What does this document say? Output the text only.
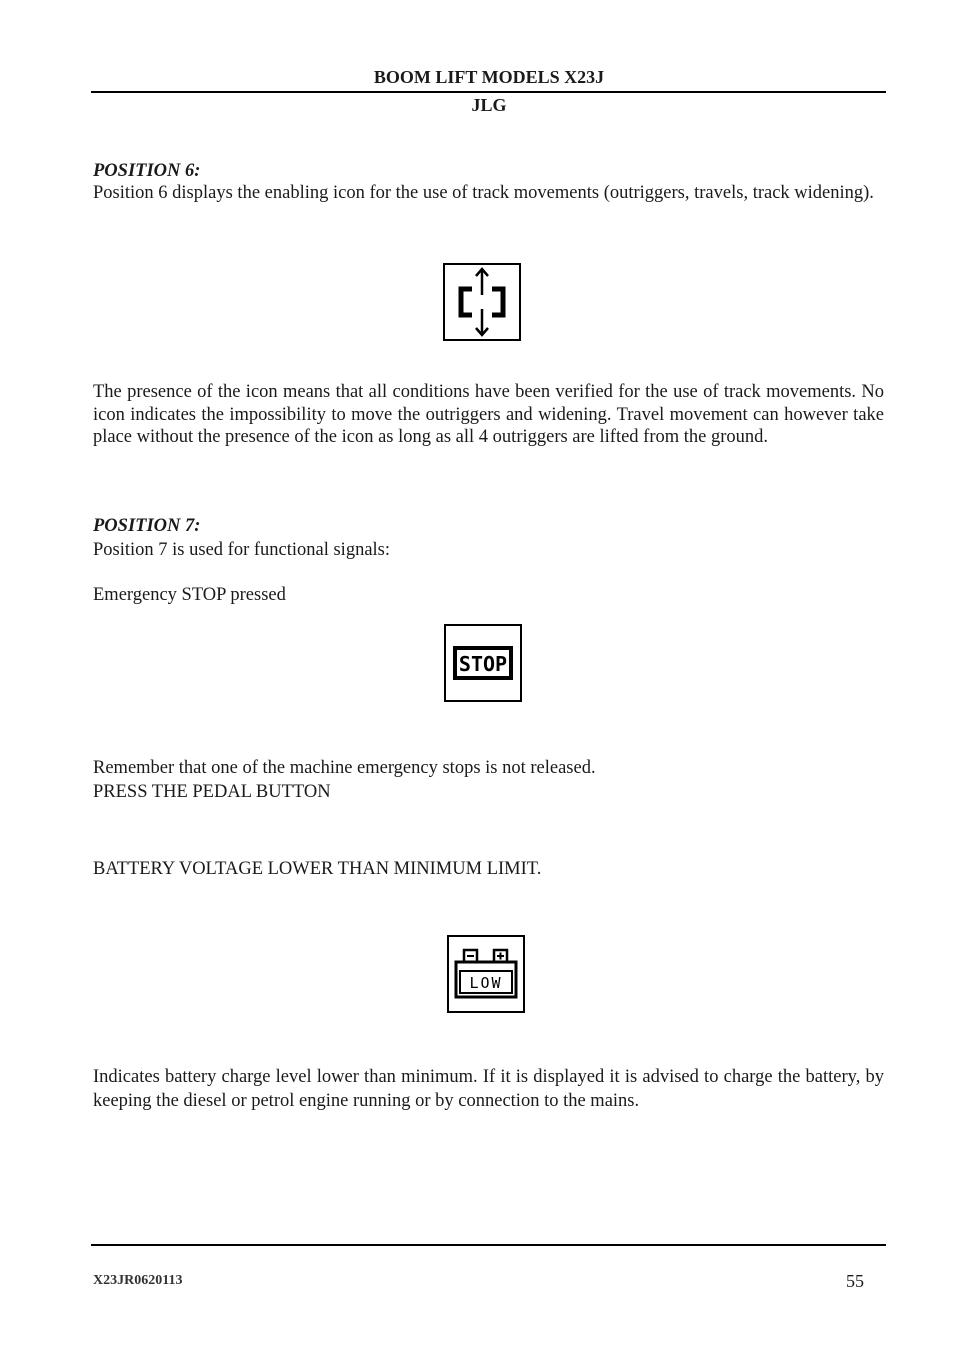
BOOM LIFT MODELS X23J
JLG
POSITION 6:
Position 6 displays the enabling icon for the use of track movements (outriggers, travels, track widening).
The presence of the icon means that all conditions have been verified for the use of track movements. No icon indicates the impossibility to move the outriggers and widening. Travel movement can however take place without the presence of the icon as long as all 4 outriggers are lifted from the ground.
POSITION 7:
Position 7 is used for functional signals:
Emergency STOP pressed
STOP
Remember that one of the machine emergency stops is not released.
PRESS THE PEDAL BUTTON
BATTERY VOLTAGE LOWER THAN MINIMUM LIMIT.
LOW
Indicates battery charge level lower than minimum. If it is displayed it is advised to charge the battery, by keeping the diesel or petrol engine running or by connection to the mains.
X23JR0620113	55
